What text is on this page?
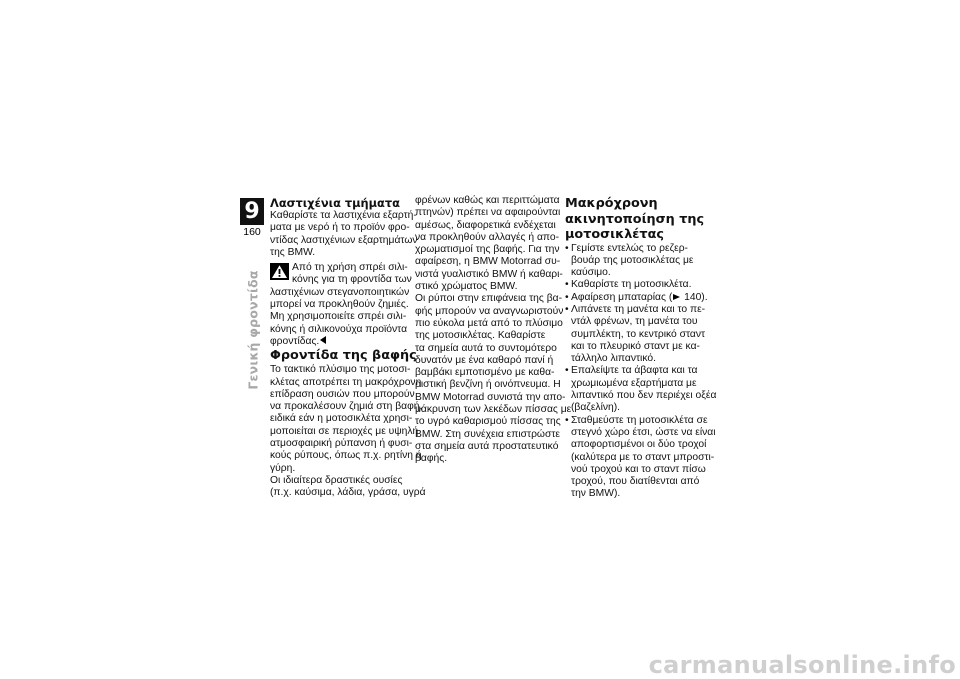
9
160
Γενική φροντίδα

Λαστιχένια τμήματα

Καθαρίστε τα λαστιχένια εξαρτή-

ματα με νερό ή το προϊόν φρο-

ντίδας λαστιχένιων εξαρτημάτων

της BMW.

Από τη χρήση σπρέι σιλι-

κόνης για τη φροντίδα των

λαστιχένιων στεγανοποιητικών

μπορεί να προκληθούν ζημιές.

Μη χρησιμοποιείτε σπρέι σιλι-

κόνης ή σιλικονούχα προϊόντα

φροντίδας.

Φροντίδα της βαφής

Το τακτικό πλύσιμο της μοτοσι-

κλέτας αποτρέπει τη μακρόχρονη

επίδραση ουσιών που μπορούν

να προκαλέσουν ζημιά στη βαφή,

ειδικά εάν η μοτοσικλέτα χρησι-

μοποιείται σε περιοχές με υψηλή

ατμοσφαιρική ρύπανση ή φυσι-

κούς ρύπους, όπως π.χ. ρητίνη ή

γύρη.

Οι ιδιαίτερα δραστικές ουσίες

(π.χ. καύσιμα, λάδια, γράσα, υγρά

φρένων καθώς και περιττώματα

πτηνών) πρέπει να αφαιρούνται

αμέσως, διαφορετικά ενδέχεται

να προκληθούν αλλαγές ή απο-

χρωματισμοί της βαφής. Για την

αφαίρεση, η BMW Motorrad συ-

νιστά γυαλιστικό BMW ή καθαρι-

στικό χρώματος BMW.

Οι ρύποι στην επιφάνεια της βα-

φής μπορούν να αναγνωριστούν

πιο εύκολα μετά από το πλύσιμο

της μοτοσικλέτας. Καθαρίστε

τα σημεία αυτά το συντομότερο

δυνατόν με ένα καθαρό πανί ή

βαμβάκι εμποτισμένο με καθα-

ριστική βενζίνη ή οινόπνευμα. Η

BMW Motorrad συνιστά την απο-

μάκρυνση των λεκέδων πίσσας με

το υγρό καθαρισμού πίσσας της

BMW. Στη συνέχεια επιστρώστε

στα σημεία αυτά προστατευτικό

βαφής.

Μακρόχρονη

ακινητοποίηση της

μοτοσικλέτας

• Γεμίστε εντελώς το ρεζερ-

βουάρ της μοτοσικλέτας με

καύσιμο.

• Καθαρίστε τη μοτοσικλέτα.

• Αφαίρεση μπαταρίας ( 140).

• Λιπάνετε τη μανέτα και το πε-

ντάλ φρένων, τη μανέτα του

συμπλέκτη, το κεντρικό σταντ

και το πλευρικό σταντ με κα-

τάλληλο λιπαντικό.

• Επαλείψτε τα άβαφτα και τα

χρωμιωμένα εξαρτήματα με

λιπαντικό που δεν περιέχει οξέα

(βαζελίνη).

• Σταθμεύστε τη μοτοσικλέτα σε

στεγνό χώρο έτσι, ώστε να είναι

αποφορτισμένοι οι δύο τροχοί

(καλύτερα με το σταντ μπροστι-

νού τροχού και το σταντ πίσω

τροχού, που διατίθενται από

την BMW).

carmanualsonline.info
